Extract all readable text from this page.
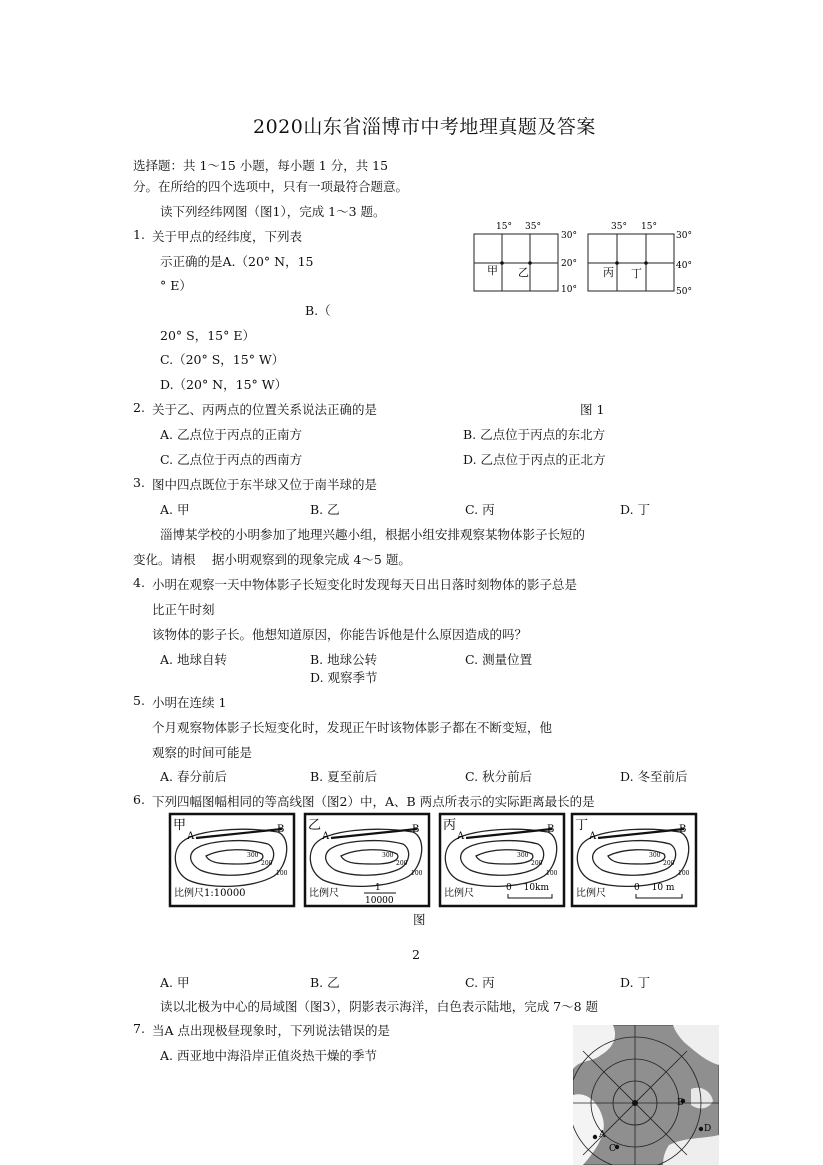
2020山东省淄博市中考地理真题及答案
选择题：共 1～15 小题，每小题 1 分，共 15
分。在所给的四个选项中，只有一项最符合题意。
读下列经纬网图（图1），完成 1～3 题。
1. 关于甲点的经纬度，下列表
示正确的是A.（20° N，15
° E）
B.（
20° S，15° E）
C.（20° S，15° W）
D.（20° N，15° W）
15° 35°
30°
20°
10°
甲 乙
35° 15°
30°
40°
50°
丙 丁
图 1
2. 关于乙、丙两点的位置关系说法正确的是
A. 乙点位于丙点的正南方	B. 乙点位于丙点的东北方
C. 乙点位于丙点的西南方	D. 乙点位于丙点的正北方
3. 图中四点既位于东半球又位于南半球的是
A. 甲	B. 乙	C. 丙	D. 丁
淄博某学校的小明参加了地理兴趣小组，根据小组安排观察某物体影子长短的
变化。请根　 据小明观察到的现象完成 4～5 题。
4. 小明在观察一天中物体影子长短变化时发现每天日出日落时刻物体的影子总是
比正午时刻
该物体的影子长。他想知道原因，你能告诉他是什么原因造成的吗？
A. 地球自转	B. 地球公转	C. 测量位置
D. 观察季节
5. 小明在连续 1
个月观察物体影子长短变化时，发现正午时该物体影子都在不断变短，他
观察的时间可能是
A. 春分前后	B. 夏至前后	C. 秋分前后	D. 冬至前后
6. 下列四幅图幅相同的等高线图（图2）中，A、B 两点所表示的实际距离最长的是
甲
A
B
300
200
100
比例尺1:10000
乙
A
B
300
200
100
比例尺	1
10000
丙
A
B
300
200
100
比例尺	0　 10km
丁
A
B
300
200
100
比例尺	0　 10 m
图
2
A. 甲	B. 乙	C. 丙	D. 丁
读以北极为中心的局域图（图3），阴影表示海洋，白色表示陆地，完成 7～8 题
7. 当A 点出现极昼现象时，下列说法错误的是
A. 西亚地中海沿岸正值炎热干燥的季节
A
B
C
D
